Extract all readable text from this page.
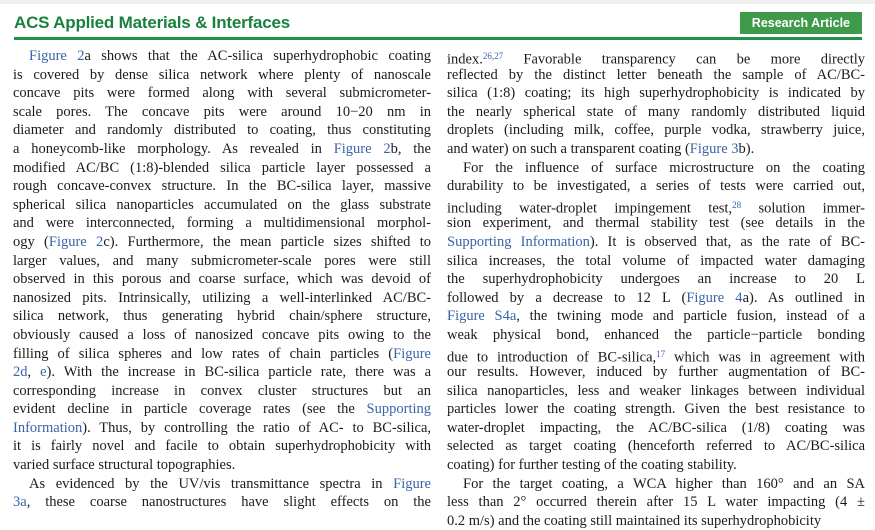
ACS Applied Materials & Interfaces	Research Article
Figure 2a shows that the AC-silica superhydrophobic coating
is covered by dense silica network where plenty of nanoscale
concave pits were formed along with several submicrometer-
scale pores. The concave pits were around 10−20 nm in
diameter and randomly distributed to coating, thus constituting
a honeycomb-like morphology. As revealed in Figure 2b, the
modified AC/BC (1:8)-blended silica particle layer possessed a
rough concave-convex structure. In the BC-silica layer, massive
spherical silica nanoparticles accumulated on the glass substrate
and were interconnected, forming a multidimensional morphol-
ogy (Figure 2c). Furthermore, the mean particle sizes shifted to
larger values, and many submicrometer-scale pores were still
observed in this porous and coarse surface, which was devoid of
nanosized pits. Intrinsically, utilizing a well-interlinked AC/BC-
silica network, thus generating hybrid chain/sphere structure,
obviously caused a loss of nanosized concave pits owing to the
filling of silica spheres and low rates of chain particles (Figure
2d, e). With the increase in BC-silica particle rate, there was a
corresponding increase in convex cluster structures but an
evident decline in particle coverage rates (see the Supporting
Information). Thus, by controlling the ratio of AC- to BC-silica,
it is fairly novel and facile to obtain superhydrophobicity with
varied surface structural topographies.
As evidenced by the UV/vis transmittance spectra in Figure
3a, these coarse nanostructures have slight effects on the
index.$^{26,27}$ Favorable transparency can be more directly
reflected by the distinct letter beneath the sample of AC/BC-
silica (1:8) coating; its high superhydrophobicity is indicated by
the nearly spherical state of many randomly distributed liquid
droplets (including milk, coffee, purple vodka, strawberry juice,
and water) on such a transparent coating (Figure 3b).
For the influence of surface microstructure on the coating
durability to be investigated, a series of tests were carried out,
including water-droplet impingement test,$^{28}$ solution immer-
sion experiment, and thermal stability test (see details in the
Supporting Information). It is observed that, as the rate of BC-
silica increases, the total volume of impacted water damaging
the superhydrophobicity undergoes an increase to 20 L
followed by a decrease to 12 L (Figure 4a). As outlined in
Figure S4a, the twining mode and particle fusion, instead of a
weak physical bond, enhanced the particle−particle bonding
due to introduction of BC-silica,$^{17}$ which was in agreement with
our results. However, induced by further augmentation of BC-
silica nanoparticles, less and weaker linkages between individual
particles lower the coating strength. Given the best resistance to
water-droplet impacting, the AC/BC-silica (1/8) coating was
selected as target coating (henceforth referred to AC/BC-silica
coating) for further testing of the coating stability.
For the target coating, a WCA higher than 160° and an SA
less than 2° occurred therein after 15 L water impacting (4 ±
0.2 m/s) and the coating still maintained its superhydrophobicity
